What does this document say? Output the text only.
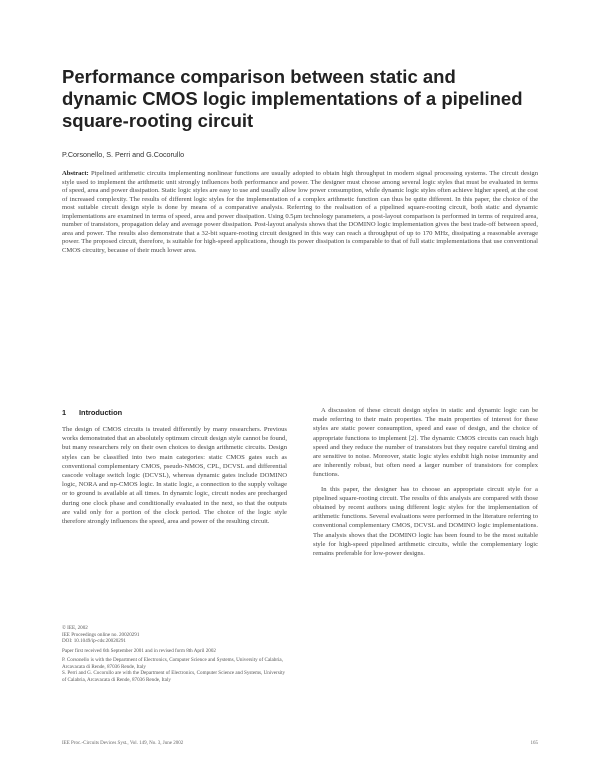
Performance comparison between static and dynamic CMOS logic implementations of a pipelined square-rooting circuit
P.Corsonello, S. Perri and G.Cocorullo

Abstract: Pipelined arithmetic circuits implementing nonlinear functions are usually adopted to obtain high throughput in modern signal processing systems. The circuit design style used to implement the arithmetic unit strongly influences both performance and power. The designer must choose among several logic styles that must be evaluated in terms of speed, area and power dissipation. Static logic styles are easy to use and usually allow low power consumption, while dynamic logic styles often achieve higher speed, at the cost of increased complexity. The results of different logic styles for the implementation of a complex arithmetic function can thus be quite different. In this paper, the choice of the most suitable circuit design style is done by means of a comparative analysis. Referring to the realisation of a pipelined square-rooting circuit, both static and dynamic implementations are examined in terms of speed, area and power dissipation. Using 0.5μm technology parameters, a post-layout comparison is performed in terms of required area, number of transistors, propagation delay and average power dissipation. Post-layout analysis shows that the DOMINO logic implementation gives the best trade-off between speed, area and power. The results also demonstrate that a 32-bit square-rooting circuit designed in this way can reach a throughput of up to 170 MHz, dissipating a reasonable average power. The proposed circuit, therefore, is suitable for high-speed applications, though its power dissipation is comparable to that of full static implementations that use conventional CMOS circuitry, because of their much lower area.

1 Introduction

The design of CMOS circuits is treated differently by many researchers. Previous works demonstrated that an absolutely optimum circuit design style cannot be found, but many researchers rely on their own choices to design arithmetic circuits. Design styles can be classified into two main categories: static CMOS gates such as conventional complementary CMOS, pseudo-NMOS, CPL, DCVSL and differential cascode voltage switch logic (DCVSL), whereas dynamic gates include DOMINO logic, NORA and np-CMOS logic. In static logic, a connection to the supply voltage or to ground is available at all times. In dynamic logic, circuit nodes are precharged during one clock phase and conditionally evaluated in the next, so that the outputs are valid only for a portion of the clock period. The choice of the logic style therefore strongly influences the speed, area and power of the resulting circuit.

A discussion of these circuit design styles in static and dynamic logic can be made referring to their main properties. The main properties of interest for these styles are static power consumption, speed and ease of design, and the choice of appropriate functions to implement [2]. The dynamic CMOS circuits can reach high speed and they reduce the number of transistors but they require careful timing and are sensitive to noise. Moreover, static logic styles exhibit high noise immunity and are inherently robust, but often need a larger number of transistors for complex functions.

In this paper, the designer has to choose an appropriate circuit style for a pipelined square-rooting circuit. The results of this analysis are compared with those obtained by recent authors using different logic styles for the implementation of arithmetic functions. Several evaluations were performed in the literature referring to conventional complementary CMOS, DCVSL and DOMINO logic implementations. The analysis shows that the DOMINO logic has been found to be the most suitable style for high-speed pipelined arithmetic circuits, while the complementary logic remains preferable for low-power designs.

© IEE, 2002
IEE Proceedings online no. 20020291
DOI: 10.1049/ip-cds:20020291
Paper first received 6th September 2001 and in revised form 8th April 2002
P. Corsonello is with the Department of Electronics, Computer Science and Systems, University of Calabria, Arcavacata di Rende, 87036 Rende, Italy
S. Perri and G. Cocorullo are with the Department of Electronics, Computer Science and Systems, University of Calabria, Arcavacata di Rende, 87036 Rende, Italy
IEE Proc.-Circuits Devices Syst., Vol. 149, No. 3, June 2002	165
